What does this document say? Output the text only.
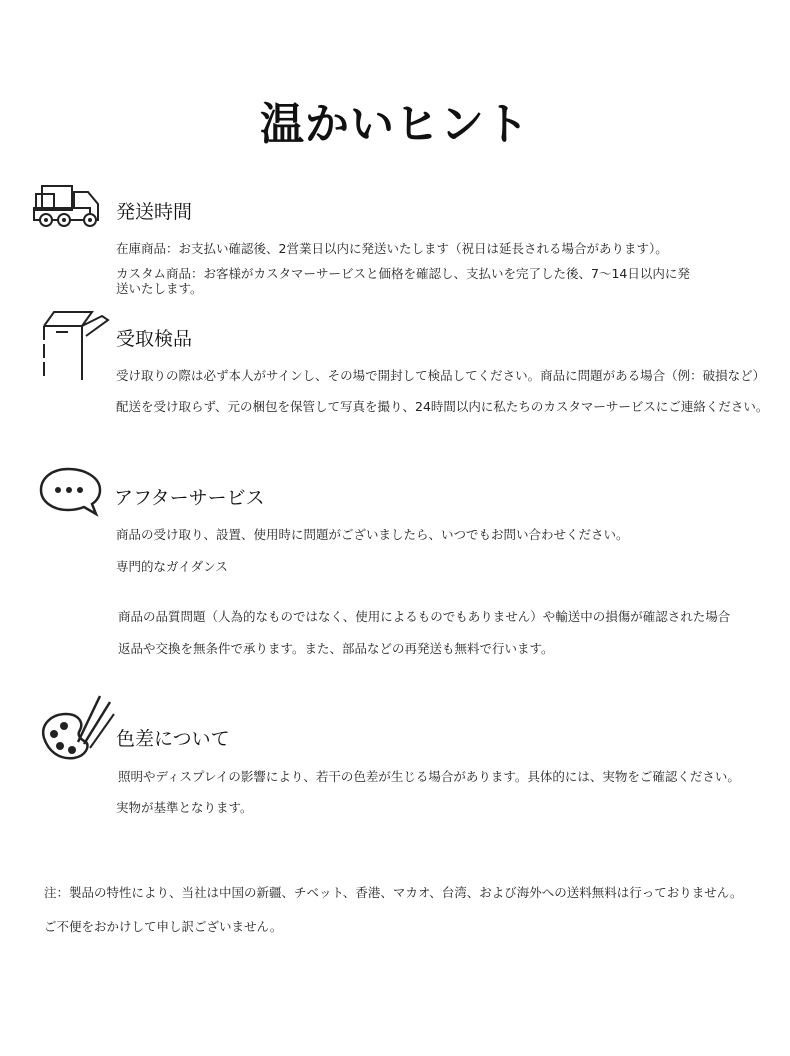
温かいヒント
発送時間
在庫商品：お支払い確認後、2営業日以内に発送いたします（祝日は延長される場合があります）。
カスタム商品：お客様がカスタマーサービスと価格を確認し、支払いを完了した後、7〜14日以内に発送いたします。
受取検品
受け取りの際は必ず本人がサインし、その場で開封して検品してください。商品に問題がある場合（例：破損など）
配送を受け取らず、元の梱包を保管して写真を撮り、24時間以内に私たちのカスタマーサービスにご連絡ください。
アフターサービス
商品の受け取り、設置、使用時に問題がございましたら、いつでもお問い合わせください。
専門的なガイダンス
商品の品質問題（人為的なものではなく、使用によるものでもありません）や輸送中の損傷が確認された場合
返品や交換を無条件で承ります。また、部品などの再発送も無料で行います。
色差について
照明やディスプレイの影響により、若干の色差が生じる場合があります。具体的には、実物をご確認ください。
実物が基準となります。
注：製品の特性により、当社は中国の新疆、チベット、香港、マカオ、台湾、および海外への送料無料は行っておりません。
ご不便をおかけして申し訳ございません。
